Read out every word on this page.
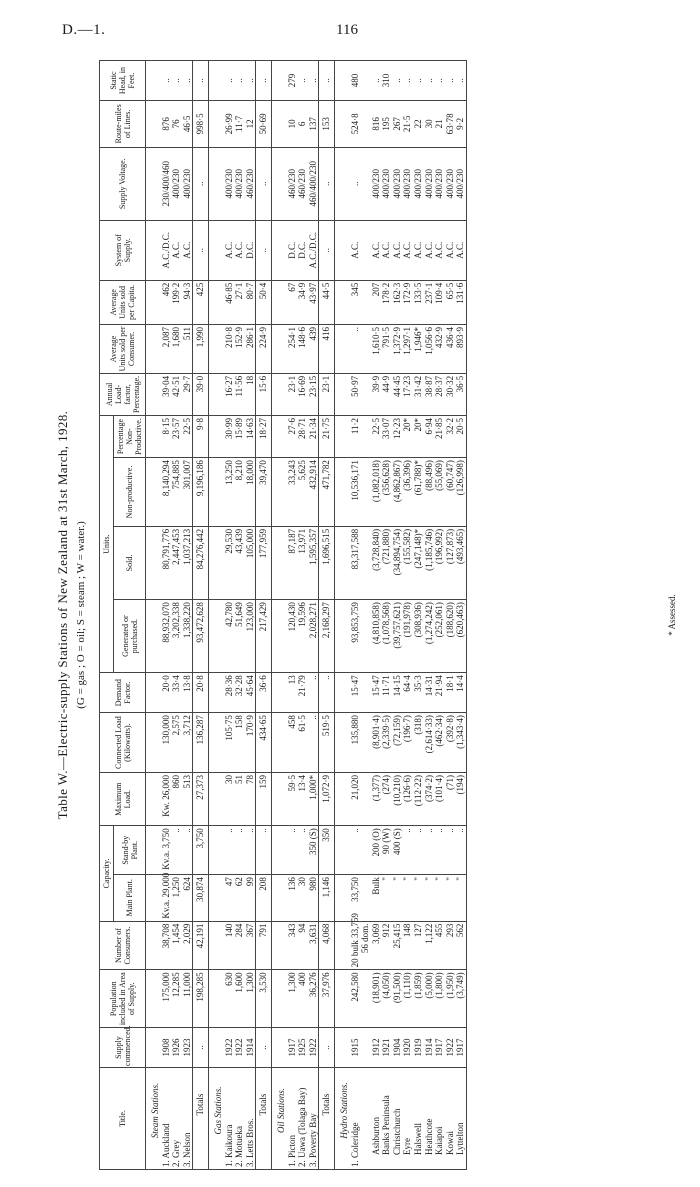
D.—1.	116
Table W.—Electric-supply Stations of New Zealand at 31st March, 1928. (G = gas ; O = oil; S = steam ; W = water.)
Title.	Supply commenced.	Population included in Area of Supply.	Number of Consumers.	Capacity.		Maximum Load.	Connected Load (Kilowatts).	Demand Factor.	Units.				Annual Load-factor, Percentage.	Average Units sold per Consumer.	Average Units sold per Capita.	System of Supply.	Supply Voltage.	Route-miles of Lines.	Static Head, in Feet.
				Main Plant.	Stand-by Plant.				Generated or purchased.	Sold.	Non-productive.	Percentage Non-Productive.							
Steam Stations.																			
1. Auckland	1908	175,000	38,708	Kv.a. 29,000	Kv.a. 3,750	Kw. 26,000	130,000	20·0	88,932,070	80,791,776	8,140,294	8·15	39·04	2,087	462	A.C./D.C.	230/400/460	876	..
2. Grey	1926	12,285	1,454	1,250	..	860	2,575	33·4	3,202,338	2,447,453	754,885	23·57	42·51	1,680	199·2	A.C.	400/230	76	..
3. Nelson	1923	11,000	2,029	624	..	513	3,712	13·8	1,338,220	1,037,213	301,007	22·5	29·7	511	94·3	A.C.	400/230	46·5	..
Totals	..	198,285	42,191	30,874	3,750	27,373	136,287	20·8	93,472,628	84,276,442	9,196,186	9·8	39·0	1,990	425	..	..	998·5	..
Gas Stations.																			
1. Kaikoura	1922	630	140	47	..	30	105·75	28·36	42,780	29,530	13,250	30·99	16·27	210·8	46·85	A.C.	400/230	26·99	..
2. Motueka	1922	1,600	284	62	..	51	158	32·28	51,649	43,439	8,210	15·89	11·56	152·9	27·1	A.C.	400/230	11·7	..
3. Letts Bros.	1914	1,300	367	99	..	78	170·9	45·64	123,000	105,000	18,000	14·63	18	286·1	80·7	D.C.	460/230	12	..
Totals	..	3,530	791	208	..	159	434·65	36·6	217,429	177,959	39,470	18·27	15·6	224·9	50·4	..	..	50·69	..
Oil Stations.																			
1. Picton	1917	1,300	343	136	..	59·5	458	13	120,430	87,187	33,243	27·6	23·1	254·1	67	D.C.	460/230	10	279
2. Uawa (Tolaga Bay)	1925	400	94	30	..	13·4	61·5	21·79	19,596	13,971	5,625	28·71	16·69	148·6	34·9	D.C.	460/230	6	..
3. Poverty Bay	1922	36,276	3,631	980	350 (S)	1,000*	..	..	2,028,271	1,595,357	432,914	21·34	23·15	439	43·97	A.C./D.C.	460/400/230	137	..
Totals	..	37,976	4,068	1,146	350	1,072·9	519·5	..	2,168,297	1,696,515	471,782	21·75	23·1	416	44·5	..	..	153	..
Hydro Stations.																			
1. Coleridge	1915	242,580	20 bulk 33,759	33,750	..	21,020	135,880	15·47	93,853,759	83,317,588	10,536,171	11·2	50·97	..	345	A.C.	..	524·8	480
			56 dom.																
Ashburton	1912	(18,901)	3,069	Bulk	200 (O)	(1,377)	(8,901·4)	15·47	(4,810,858)	(3,728,840)	(1,082,018)	22·5	39·9	1,610·5	207	A.C.	400/230	816	..
Banks Peninsula	1921	(4,050)	912	"	90 (W)	(274)	(2,339·5)	11·71	(1,078,568)	(721,880)	(356,628)	33·07	44·9	791·5	178·2	A.C.	400/230	195	310
Christchurch	1904	(91,500)	25,415	"	400 (S)	(10,210)	(72,159)	14·15	(39,757,621)	(34,894,754)	(4,862,867)	12·23	44·45	1,372·9	162·3	A.C.	400/230	267	..
Eyre	1920	(1,110)	148	"	..	(126·6)	(196·7)	64·4	(191,978)	(155,582)	(36,396)	20*	17·23	1,297·1	172·9	A.C.	400/230	21·5	..
Halswell	1919	(1,859)	127	"	..	(112·22)	(318)	35·3	(308,936)	(247,148)*	(61,788)*	20*	31·42	1,946*	133·5	A.C.	400/230	22	..
Heathcote	1914	(5,000)	1,122	"	..	(374·2)	(2,614·33)	14·31	(1,274,242)	(1,185,746)	(88,496)	6·94	38·87	1,056·6	237·1	A.C.	400/230	30	..
Kaiapoi	1917	(1,800)	455	"	..	(101·4)	(462·34)	21·94	(252,061)	(196,992)	(55,069)	21·85	28·37	432·9	109·4	A.C.	400/230	21	..
Kowai	1922	(1,950)	293	"	..	(71)	(392·8)	18·1	(188,620)	(127,873)	(60,747)	32·2	30·32	436·4	65·5	A.C.	400/230	63·78	..
Lyttelton	1917	(3,749)	562	"	..	(194)	(1,343·4)	14·4	(620,463)	(493,465)	(126,998)	20·5	36·5	893·9	131·6	A.C.	400/230	9·2	..
* Assessed.
